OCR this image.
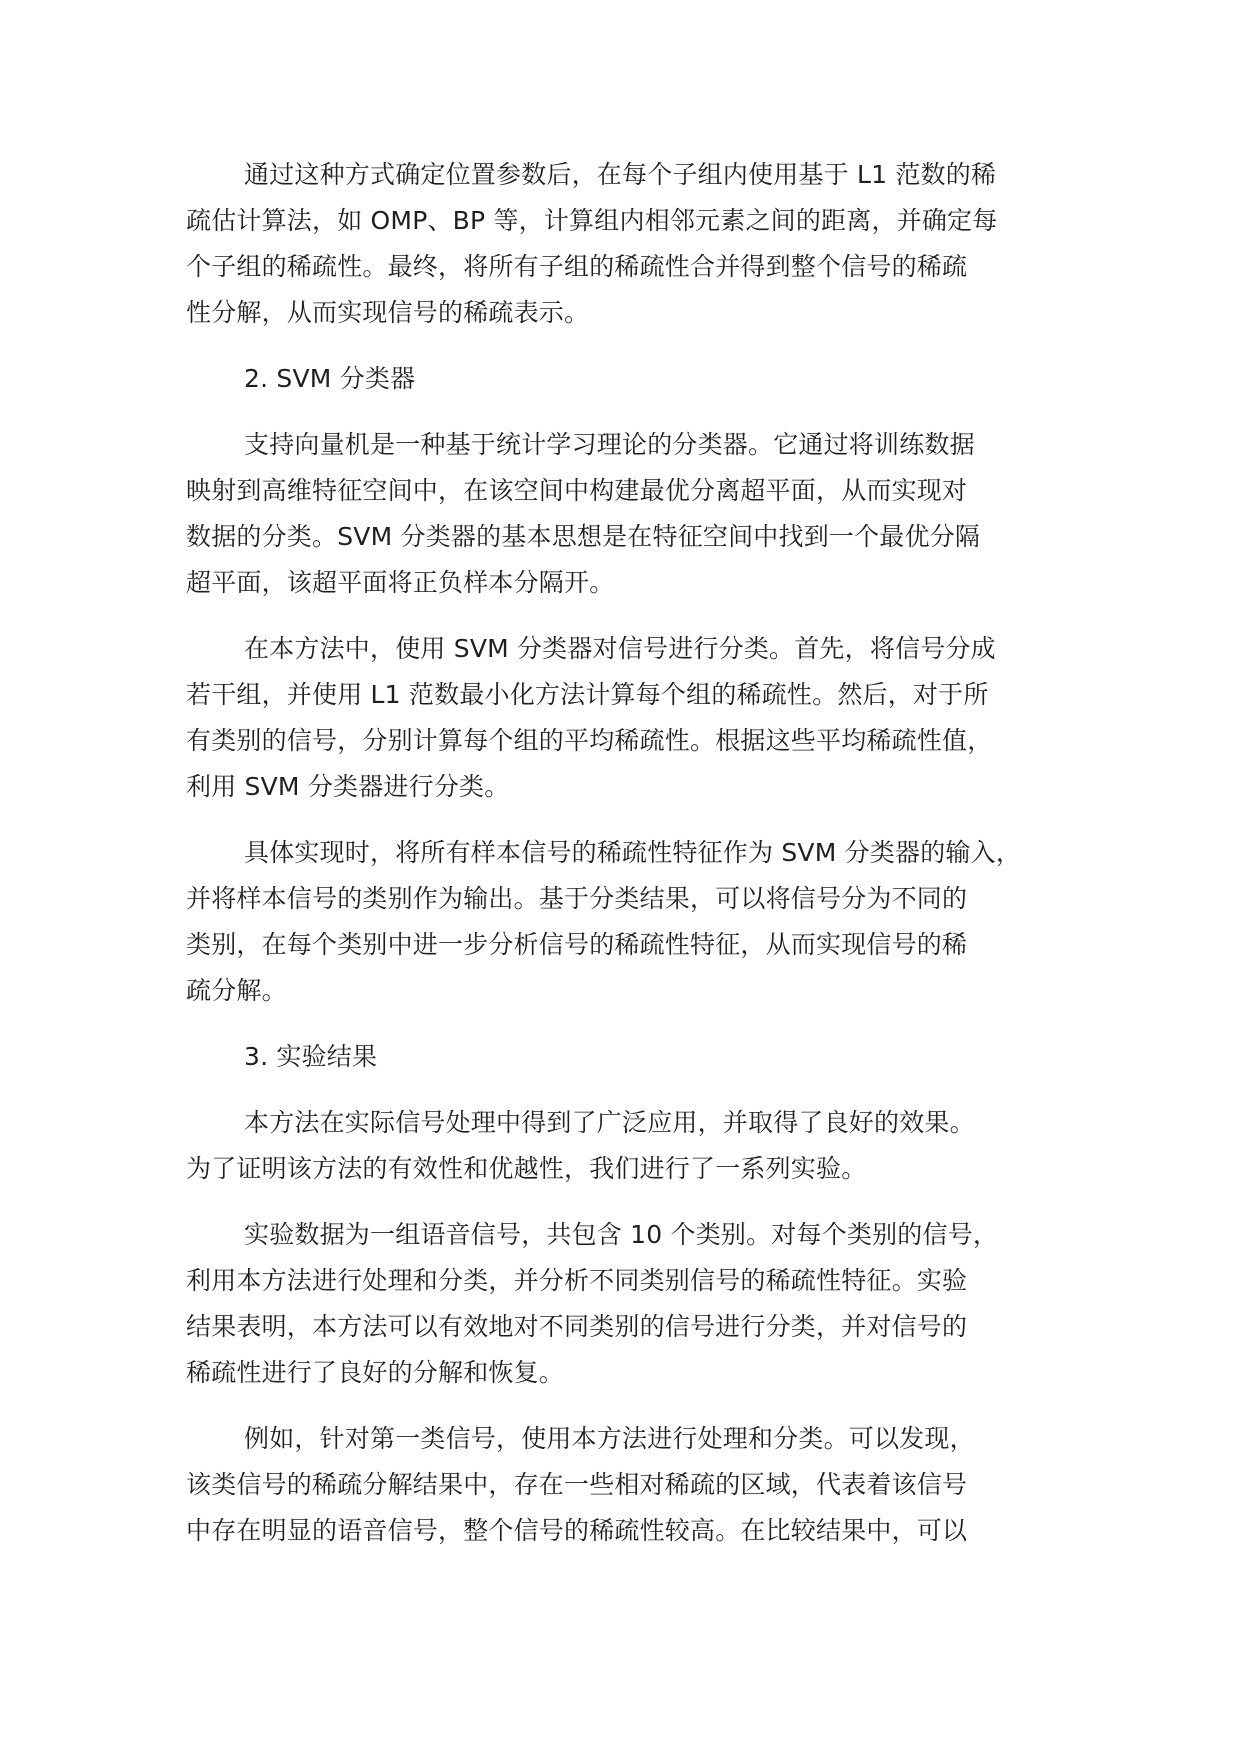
通过这种方式确定位置参数后，在每个子组内使用基于 L1 范数的稀
疏估计算法，如 OMP、BP 等，计算组内相邻元素之间的距离，并确定每
个子组的稀疏性。最终，将所有子组的稀疏性合并得到整个信号的稀疏
性分解，从而实现信号的稀疏表示。
2. SVM 分类器
支持向量机是一种基于统计学习理论的分类器。它通过将训练数据
映射到高维特征空间中，在该空间中构建最优分离超平面，从而实现对
数据的分类。SVM 分类器的基本思想是在特征空间中找到一个最优分隔
超平面，该超平面将正负样本分隔开。
在本方法中，使用 SVM 分类器对信号进行分类。首先，将信号分成
若干组，并使用 L1 范数最小化方法计算每个组的稀疏性。然后，对于所
有类别的信号，分别计算每个组的平均稀疏性。根据这些平均稀疏性值，
利用 SVM 分类器进行分类。
具体实现时，将所有样本信号的稀疏性特征作为 SVM 分类器的输入，
并将样本信号的类别作为输出。基于分类结果，可以将信号分为不同的
类别，在每个类别中进一步分析信号的稀疏性特征，从而实现信号的稀
疏分解。
3. 实验结果
本方法在实际信号处理中得到了广泛应用，并取得了良好的效果。
为了证明该方法的有效性和优越性，我们进行了一系列实验。
实验数据为一组语音信号，共包含 10 个类别。对每个类别的信号，
利用本方法进行处理和分类，并分析不同类别信号的稀疏性特征。实验
结果表明，本方法可以有效地对不同类别的信号进行分类，并对信号的
稀疏性进行了良好的分解和恢复。
例如，针对第一类信号，使用本方法进行处理和分类。可以发现，
该类信号的稀疏分解结果中，存在一些相对稀疏的区域，代表着该信号
中存在明显的语音信号，整个信号的稀疏性较高。在比较结果中，可以
